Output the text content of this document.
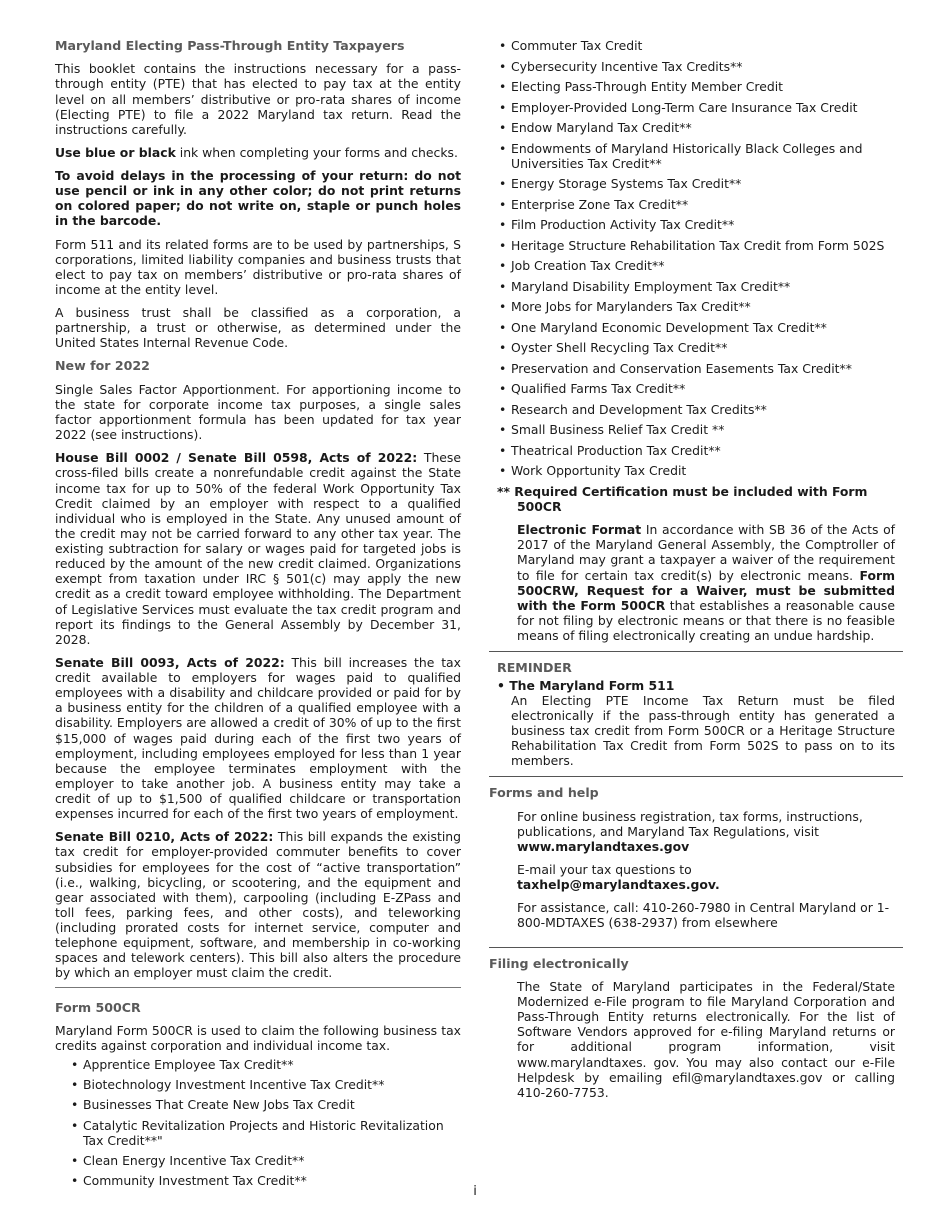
Maryland Electing Pass-Through Entity Taxpayers

This booklet contains the instructions necessary for a pass-through entity (PTE) that has elected to pay tax at the entity level on all members’ distributive or pro-rata shares of income (Electing PTE) to file a 2022 Maryland tax return. Read the instructions carefully.

Use blue or black ink when completing your forms and checks.

To avoid delays in the processing of your return: do not use pencil or ink in any other color; do not print returns on colored paper; do not write on, staple or punch holes in the barcode.

Form 511 and its related forms are to be used by partnerships, S corporations, limited liability companies and business trusts that elect to pay tax on members’ distributive or pro-rata shares of income at the entity level.

A business trust shall be classified as a corporation, a partnership, a trust or otherwise, as determined under the United States Internal Revenue Code.

New for 2022

Single Sales Factor Apportionment. For apportioning income to the state for corporate income tax purposes, a single sales factor apportionment formula has been updated for tax year 2022 (see instructions).

House Bill 0002 / Senate Bill 0598, Acts of 2022: These cross-filed bills create a nonrefundable credit against the State income tax for up to 50% of the federal Work Opportunity Tax Credit claimed by an employer with respect to a qualified individual who is employed in the State. Any unused amount of the credit may not be carried forward to any other tax year. The existing subtraction for salary or wages paid for targeted jobs is reduced by the amount of the new credit claimed. Organizations exempt from taxation under IRC § 501(c) may apply the new credit as a credit toward employee withholding. The Department of Legislative Services must evaluate the tax credit program and report its findings to the General Assembly by December 31, 2028.

Senate Bill 0093, Acts of 2022: This bill increases the tax credit available to employers for wages paid to qualified employees with a disability and childcare provided or paid for by a business entity for the children of a qualified employee with a disability. Employers are allowed a credit of 30% of up to the first $15,000 of wages paid during each of the first two years of employment, including employees employed for less than 1 year because the employee terminates employment with the employer to take another job. A business entity may take a credit of up to $1,500 of qualified childcare or transportation expenses incurred for each of the first two years of employment.

Senate Bill 0210, Acts of 2022: This bill expands the existing tax credit for employer-provided commuter benefits to cover subsidies for employees for the cost of “active transportation” (i.e., walking, bicycling, or scootering, and the equipment and gear associated with them), carpooling (including E-ZPass and toll fees, parking fees, and other costs), and teleworking (including prorated costs for internet service, computer and telephone equipment, software, and membership in co-working spaces and telework centers). This bill also alters the procedure by which an employer must claim the credit.

Form 500CR

Maryland Form 500CR is used to claim the following business tax credits against corporation and individual income tax.

• Apprentice Employee Tax Credit**
• Biotechnology Investment Incentive Tax Credit**
• Businesses That Create New Jobs Tax Credit
• Catalytic Revitalization Projects and Historic Revitalization Tax Credit**"
• Clean Energy Incentive Tax Credit**
• Community Investment Tax Credit**
• Commuter Tax Credit
• Cybersecurity Incentive Tax Credits**
• Electing Pass-Through Entity Member Credit
• Employer-Provided Long-Term Care Insurance Tax Credit
• Endow Maryland Tax Credit**
• Endowments of Maryland Historically Black Colleges and Universities Tax Credit**
• Energy Storage Systems Tax Credit**
• Enterprise Zone Tax Credit**
• Film Production Activity Tax Credit**
• Heritage Structure Rehabilitation Tax Credit from Form 502S
• Job Creation Tax Credit**
• Maryland Disability Employment Tax Credit**
• More Jobs for Marylanders Tax Credit**
• One Maryland Economic Development Tax Credit**
• Oyster Shell Recycling Tax Credit**
• Preservation and Conservation Easements Tax Credit**
• Qualified Farms Tax Credit**
• Research and Development Tax Credits**
• Small Business Relief Tax Credit **
• Theatrical Production Tax Credit**
• Work Opportunity Tax Credit
** Required Certification must be included with Form 500CR

Electronic Format In accordance with SB 36 of the Acts of 2017 of the Maryland General Assembly, the Comptroller of Maryland may grant a taxpayer a waiver of the requirement to file for certain tax credit(s) by electronic means. Form 500CRW, Request for a Waiver, must be submitted with the Form 500CR that establishes a reasonable cause for not filing by electronic means or that there is no feasible means of filing electronically creating an undue hardship.

REMINDER
• The Maryland Form 511

An Electing PTE Income Tax Return must be filed electronically if the pass-through entity has generated a business tax credit from Form 500CR or a Heritage Structure Rehabilitation Tax Credit from Form 502S to pass on to its members.

Forms and help

For online business registration, tax forms, instructions, publications, and Maryland Tax Regulations, visit

www.marylandtaxes.gov

E-mail your tax questions to

taxhelp@marylandtaxes.gov.

For assistance, call: 410-260-7980 in Central Maryland or 1-800-MDTAXES (638-2937) from elsewhere

Filing electronically

The State of Maryland participates in the Federal/State Modernized e-File program to file Maryland Corporation and Pass-Through Entity returns electronically. For the list of Software Vendors approved for e-filing Maryland returns or for additional program information, visit www.marylandtaxes. gov. You may also contact our e-File Helpdesk by emailing efil@marylandtaxes.gov or calling 410-260-7753.

i
